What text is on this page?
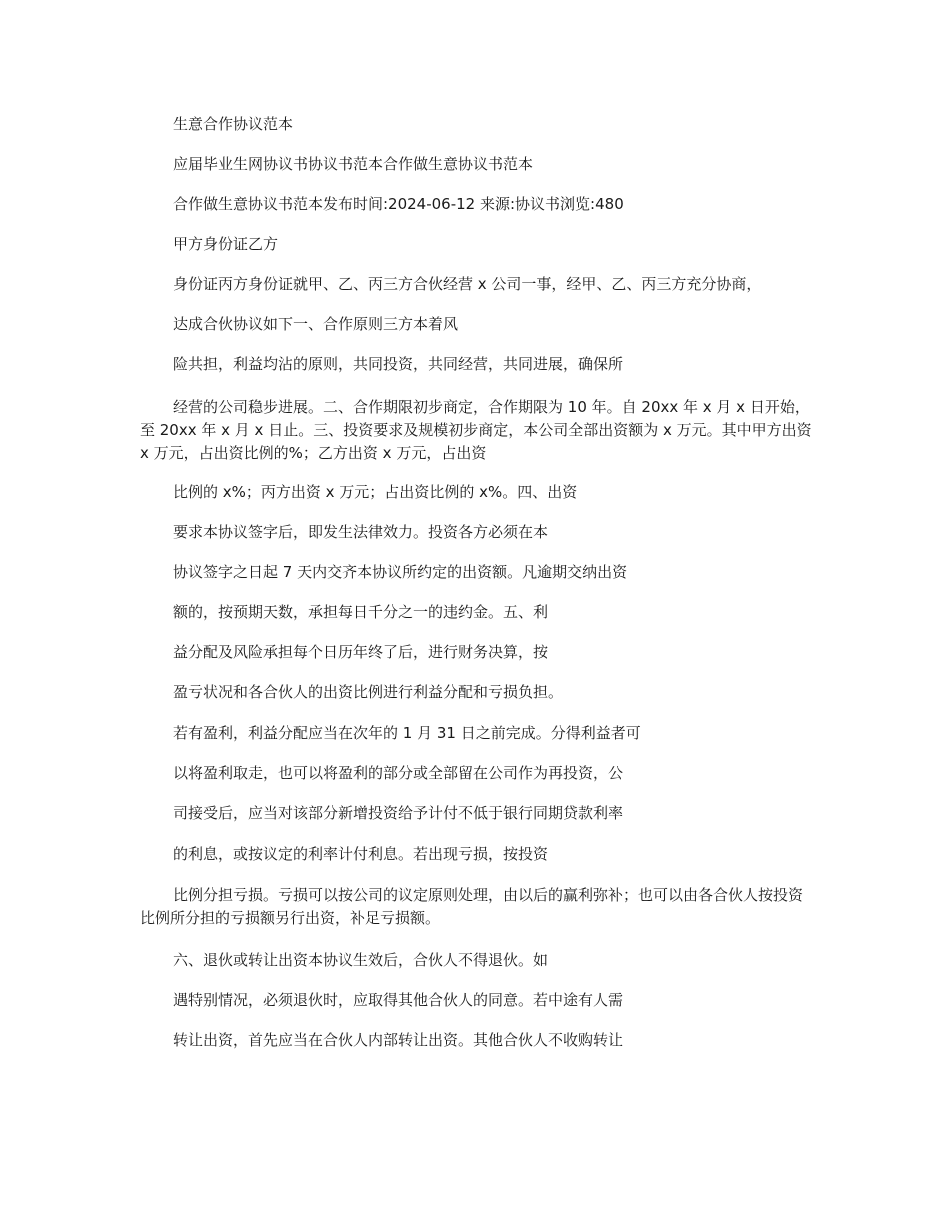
生意合作协议范本

应届毕业生网协议书协议书范本合作做生意协议书范本

合作做生意协议书范本发布时间:2024-06-12 来源:协议书浏览:480

甲方身份证乙方

身份证丙方身份证就甲、乙、丙三方合伙经营 x 公司一事，经甲、乙、丙三方充分协商，

达成合伙协议如下一、合作原则三方本着风

险共担，利益均沾的原则，共同投资，共同经营，共同进展，确保所

经营的公司稳步进展。二、合作期限初步商定，合作期限为 10 年。自 20xx 年 x 月 x 日开始，至 20xx 年 x 月 x 日止。三、投资要求及规模初步商定，本公司全部出资额为 x 万元。其中甲方出资 x 万元，占出资比例的%；乙方出资 x 万元，占出资

比例的 x%；丙方出资 x 万元；占出资比例的 x%。四、出资

要求本协议签字后，即发生法律效力。投资各方必须在本

协议签字之日起 7 天内交齐本协议所约定的出资额。凡逾期交纳出资

额的，按预期天数，承担每日千分之一的违约金。五、利

益分配及风险承担每个日历年终了后，进行财务决算，按

盈亏状况和各合伙人的出资比例进行利益分配和亏损负担。

若有盈利，利益分配应当在次年的 1 月 31 日之前完成。分得利益者可

以将盈利取走，也可以将盈利的部分或全部留在公司作为再投资，公

司接受后，应当对该部分新增投资给予计付不低于银行同期贷款利率

的利息，或按议定的利率计付利息。若出现亏损，按投资

比例分担亏损。亏损可以按公司的议定原则处理，由以后的赢利弥补；也可以由各合伙人按投资比例所分担的亏损额另行出资，补足亏损额。

六、退伙或转让出资本协议生效后，合伙人不得退伙。如

遇特别情况，必须退伙时，应取得其他合伙人的同意。若中途有人需

转让出资，首先应当在合伙人内部转让出资。其他合伙人不收购转让
